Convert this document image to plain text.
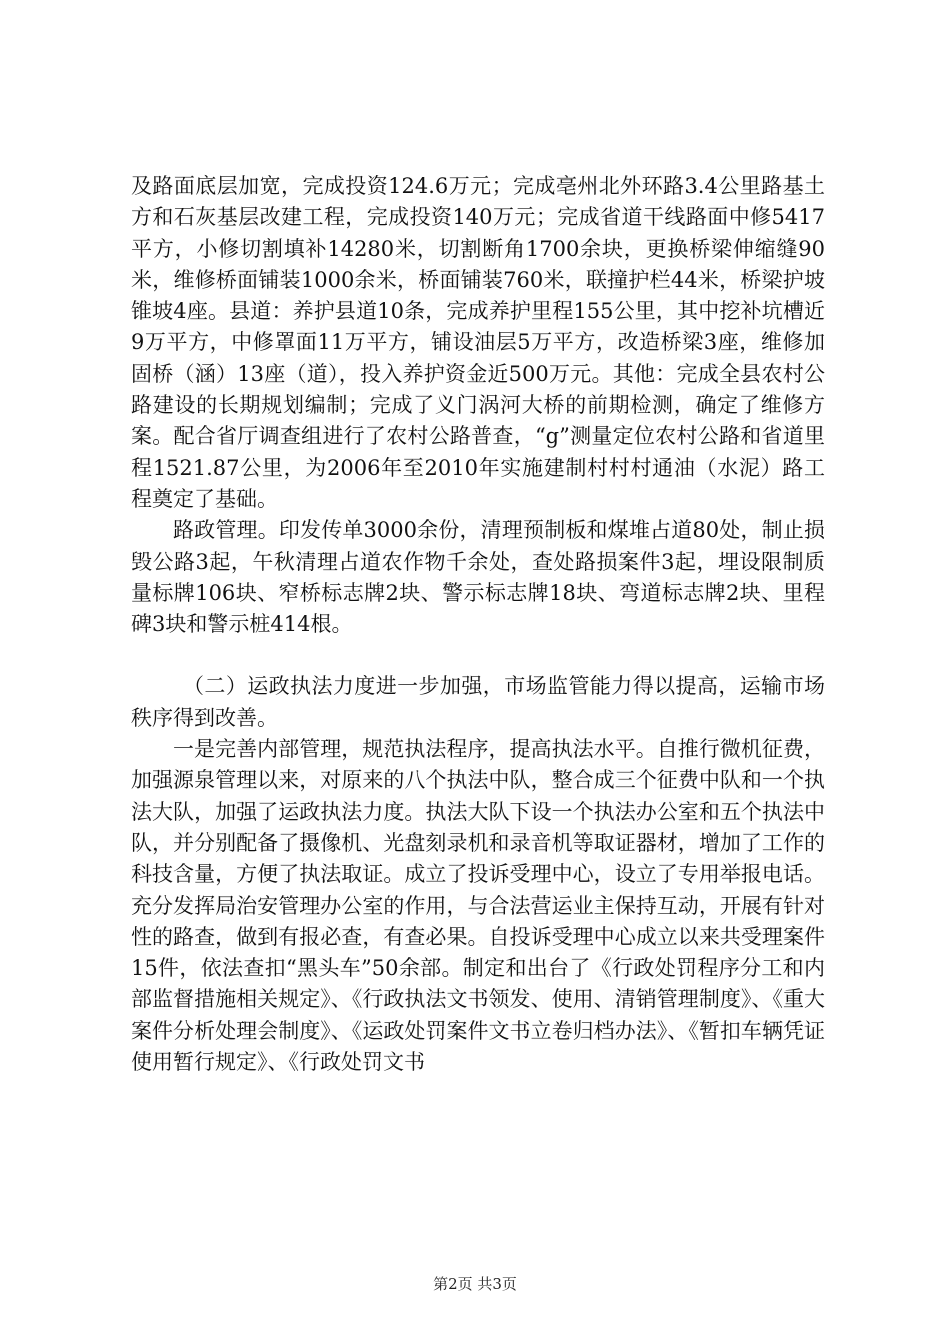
及路面底层加宽，完成投资124.6万元；完成亳州北外环路3.4公里路基土方和石灰基层改建工程，完成投资140万元；完成省道干线路面中修5417平方，小修切割填补14280米，切割断角1700余块，更换桥梁伸缩缝90米，维修桥面铺装1000余米，桥面铺装760米，联撞护栏44米，桥梁护坡锥坡4座。县道：养护县道10条，完成养护里程155公里，其中挖补坑槽近9万平方，中修罩面11万平方，铺设油层5万平方，改造桥梁3座，维修加固桥（涵）13座（道），投入养护资金近500万元。其他：完成全县农村公路建设的长期规划编制；完成了义门涡河大桥的前期检测，确定了维修方案。配合省厅调查组进行了农村公路普查，“g”测量定位农村公路和省道里程1521.87公里，为2006年至2010年实施建制村村村通油（水泥）路工程奠定了基础。

路政管理。印发传单3000余份，清理预制板和煤堆占道80处，制止损毁公路3起，午秋清理占道农作物千余处，查处路损案件3起，埋设限制质量标牌106块、窄桥标志牌2块、警示标志牌18块、弯道标志牌2块、里程碑3块和警示桩414根。

（二）运政执法力度进一步加强，市场监管能力得以提高，运输市场秩序得到改善。

一是完善内部管理，规范执法程序，提高执法水平。自推行微机征费，加强源泉管理以来，对原来的八个执法中队，整合成三个征费中队和一个执法大队，加强了运政执法力度。执法大队下设一个执法办公室和五个执法中队，并分别配备了摄像机、光盘刻录机和录音机等取证器材，增加了工作的科技含量，方便了执法取证。成立了投诉受理中心，设立了专用举报电话。充分发挥局治安管理办公室的作用，与合法营运业主保持互动，开展有针对性的路查，做到有报必查，有查必果。自投诉受理中心成立以来共受理案件15件，依法查扣“黑头车”50余部。制定和出台了《行政处罚程序分工和内部监督措施相关规定》、《行政执法文书领发、使用、清销管理制度》、《重大案件分析处理会制度》、《运政处罚案件文书立卷归档办法》、《暂扣车辆凭证使用暂行规定》、《行政处罚文书

第2页 共3页
